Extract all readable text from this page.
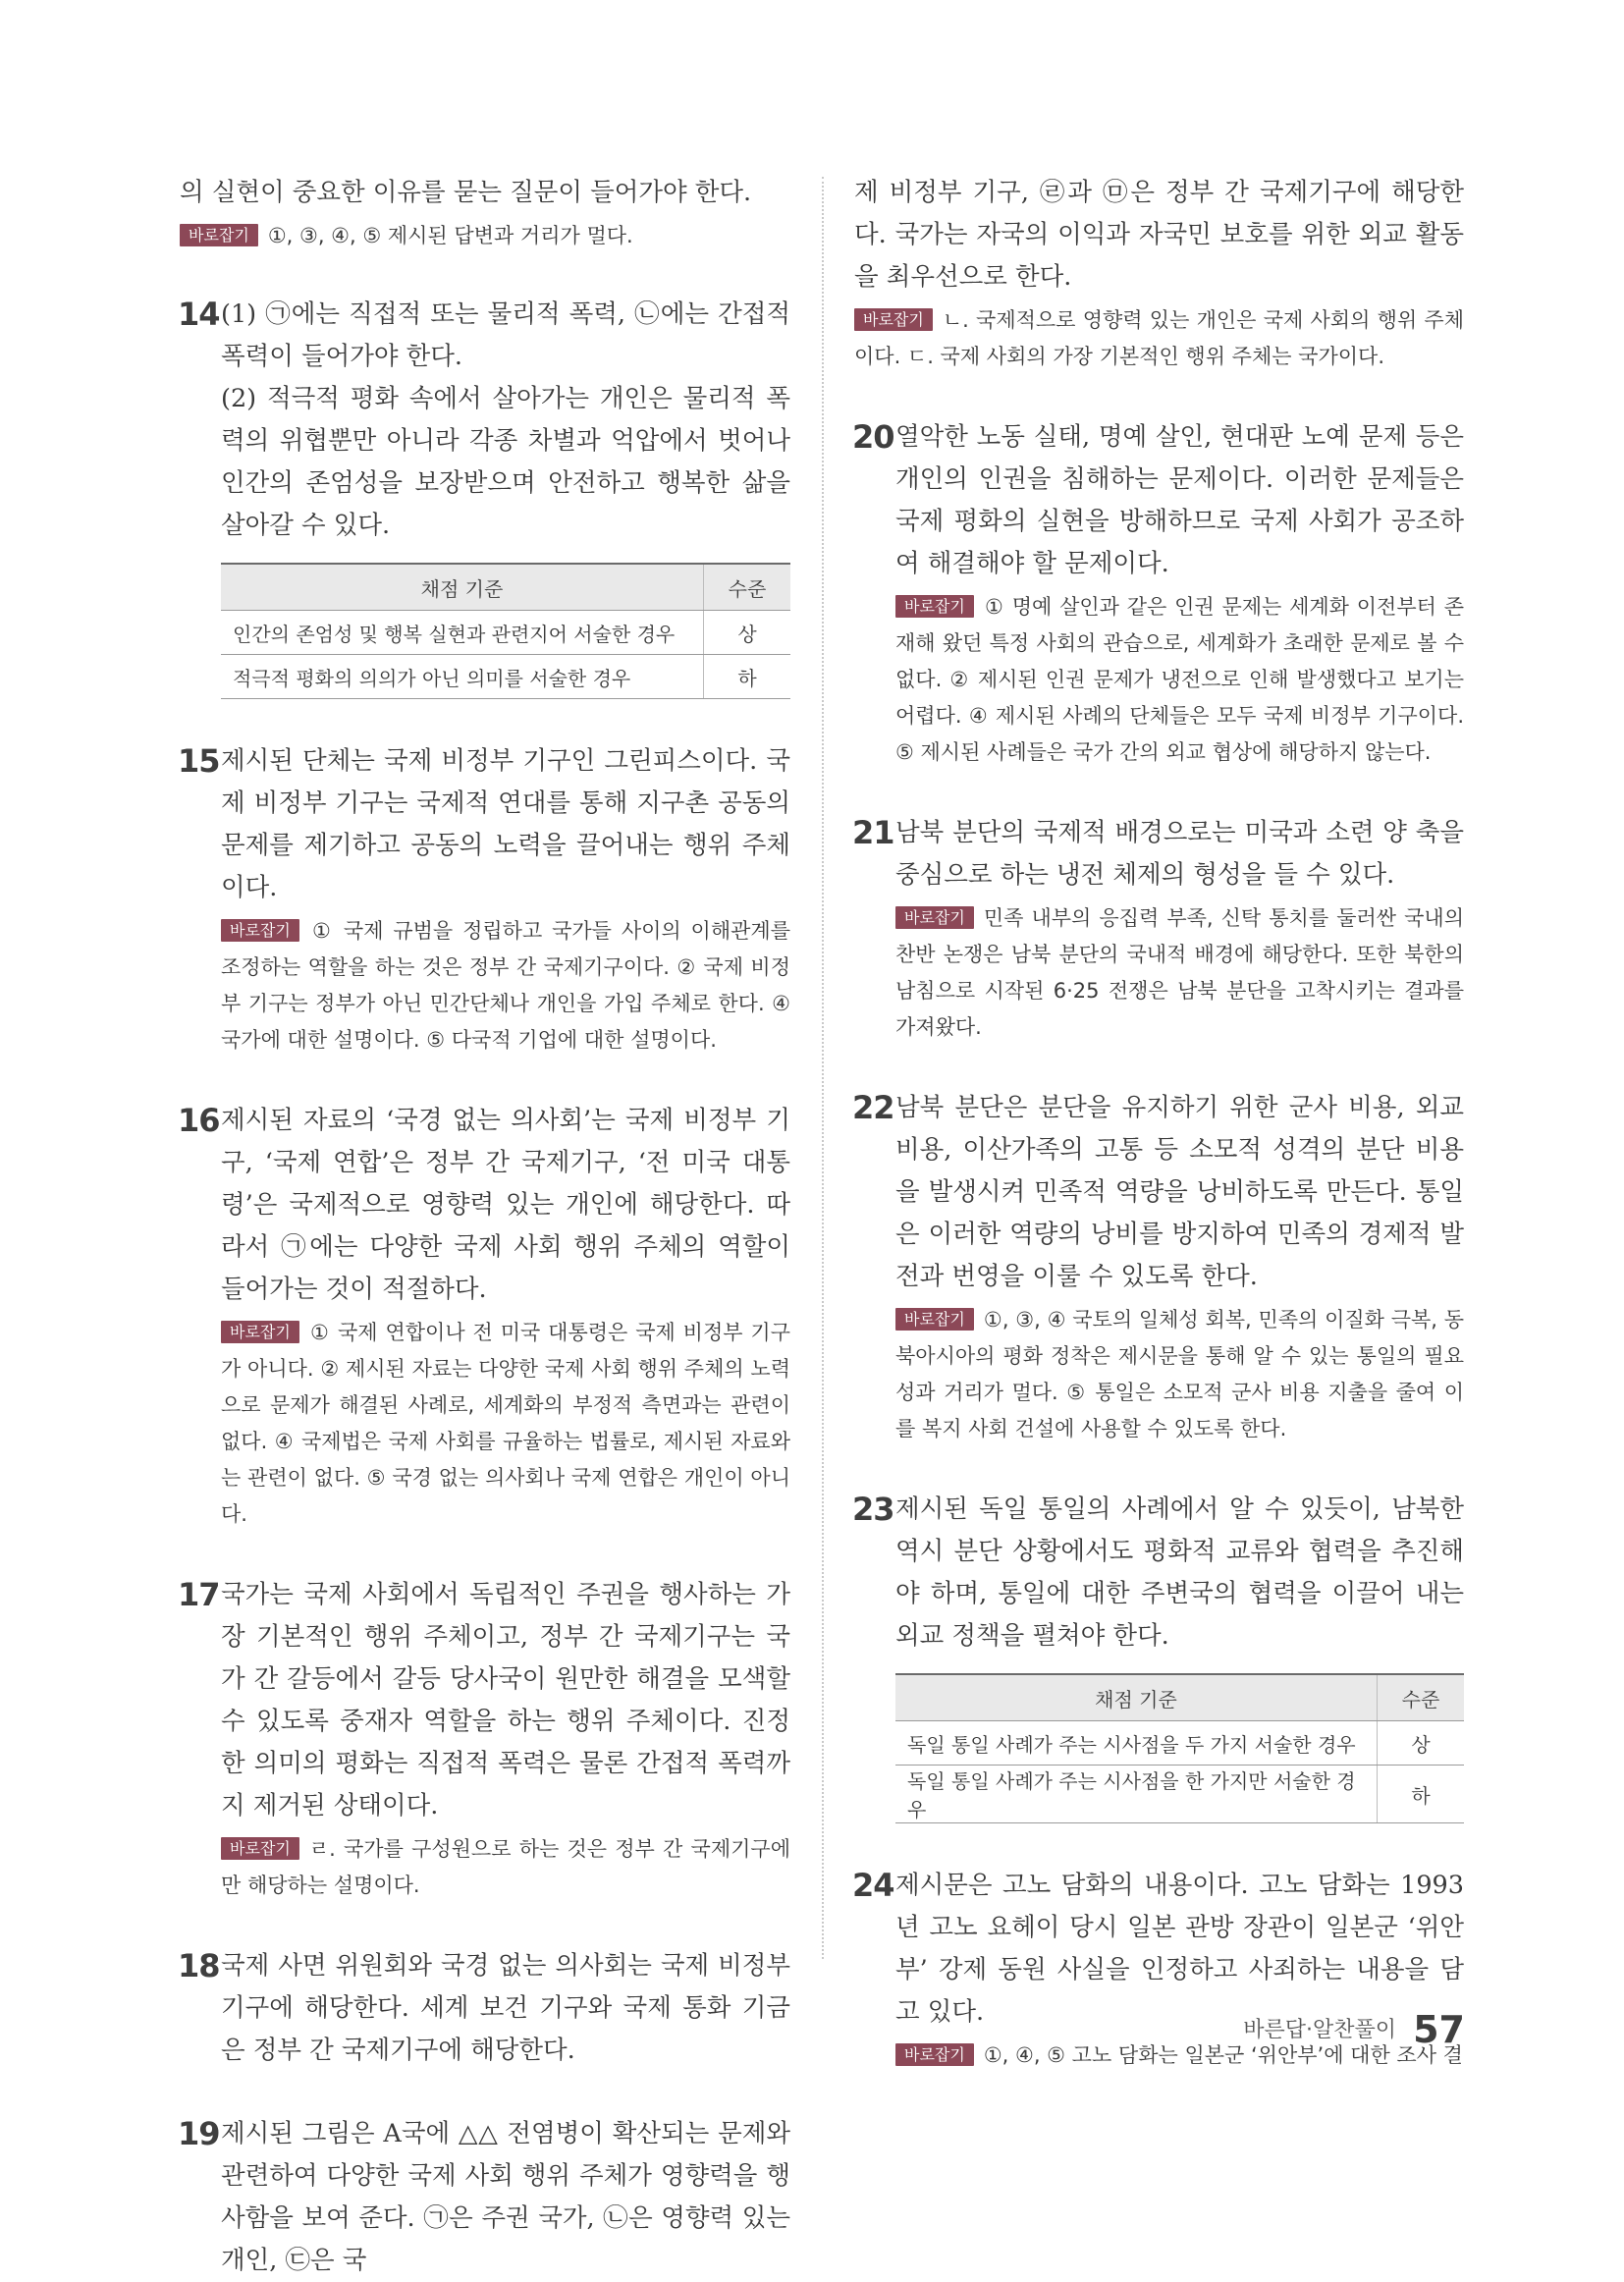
의 실현이 중요한 이유를 묻는 질문이 들어가야 한다.

바로잡기 ①, ③, ④, ⑤ 제시된 답변과 거리가 멀다.

14 (1) ㉠에는 직접적 또는 물리적 폭력, ㉡에는 간접적 폭력이 들어가야 한다.

(2) 적극적 평화 속에서 살아가는 개인은 물리적 폭력의 위협뿐만 아니라 각종 차별과 억압에서 벗어나 인간의 존엄성을 보장받으며 안전하고 행복한 삶을 살아갈 수 있다.

채점 기준	수준
인간의 존엄성 및 행복 실현과 관련지어 서술한 경우	상
적극적 평화의 의의가 아닌 의미를 서술한 경우	하
15 제시된 단체는 국제 비정부 기구인 그린피스이다. 국제 비정부 기구는 국제적 연대를 통해 지구촌 공동의 문제를 제기하고 공동의 노력을 끌어내는 행위 주체이다.

바로잡기 ① 국제 규범을 정립하고 국가들 사이의 이해관계를 조정하는 역할을 하는 것은 정부 간 국제기구이다. ② 국제 비정부 기구는 정부가 아닌 민간단체나 개인을 가입 주체로 한다. ④ 국가에 대한 설명이다. ⑤ 다국적 기업에 대한 설명이다.

16 제시된 자료의 ‘국경 없는 의사회’는 국제 비정부 기구, ‘국제 연합’은 정부 간 국제기구, ‘전 미국 대통령’은 국제적으로 영향력 있는 개인에 해당한다. 따라서 ㉠에는 다양한 국제 사회 행위 주체의 역할이 들어가는 것이 적절하다.

바로잡기 ① 국제 연합이나 전 미국 대통령은 국제 비정부 기구가 아니다. ② 제시된 자료는 다양한 국제 사회 행위 주체의 노력으로 문제가 해결된 사례로, 세계화의 부정적 측면과는 관련이 없다. ④ 국제법은 국제 사회를 규율하는 법률로, 제시된 자료와는 관련이 없다. ⑤ 국경 없는 의사회나 국제 연합은 개인이 아니다.

17 국가는 국제 사회에서 독립적인 주권을 행사하는 가장 기본적인 행위 주체이고, 정부 간 국제기구는 국가 간 갈등에서 갈등 당사국이 원만한 해결을 모색할 수 있도록 중재자 역할을 하는 행위 주체이다. 진정한 의미의 평화는 직접적 폭력은 물론 간접적 폭력까지 제거된 상태이다.

바로잡기 ㄹ. 국가를 구성원으로 하는 것은 정부 간 국제기구에만 해당하는 설명이다.

18 국제 사면 위원회와 국경 없는 의사회는 국제 비정부 기구에 해당한다. 세계 보건 기구와 국제 통화 기금은 정부 간 국제기구에 해당한다.

19 제시된 그림은 A국에 △△ 전염병이 확산되는 문제와 관련하여 다양한 국제 사회 행위 주체가 영향력을 행사함을 보여 준다. ㉠은 주권 국가, ㉡은 영향력 있는 개인, ㉢은 국

제 비정부 기구, ㉣과 ㉤은 정부 간 국제기구에 해당한다. 국가는 자국의 이익과 자국민 보호를 위한 외교 활동을 최우선으로 한다.

바로잡기 ㄴ. 국제적으로 영향력 있는 개인은 국제 사회의 행위 주체이다. ㄷ. 국제 사회의 가장 기본적인 행위 주체는 국가이다.

20 열악한 노동 실태, 명예 살인, 현대판 노예 문제 등은 개인의 인권을 침해하는 문제이다. 이러한 문제들은 국제 평화의 실현을 방해하므로 국제 사회가 공조하여 해결해야 할 문제이다.

바로잡기 ① 명예 살인과 같은 인권 문제는 세계화 이전부터 존재해 왔던 특정 사회의 관습으로, 세계화가 초래한 문제로 볼 수 없다. ② 제시된 인권 문제가 냉전으로 인해 발생했다고 보기는 어렵다. ④ 제시된 사례의 단체들은 모두 국제 비정부 기구이다. ⑤ 제시된 사례들은 국가 간의 외교 협상에 해당하지 않는다.

21 남북 분단의 국제적 배경으로는 미국과 소련 양 축을 중심으로 하는 냉전 체제의 형성을 들 수 있다.

바로잡기 민족 내부의 응집력 부족, 신탁 통치를 둘러싼 국내의 찬반 논쟁은 남북 분단의 국내적 배경에 해당한다. 또한 북한의 남침으로 시작된 6·25 전쟁은 남북 분단을 고착시키는 결과를 가져왔다.

22 남북 분단은 분단을 유지하기 위한 군사 비용, 외교 비용, 이산가족의 고통 등 소모적 성격의 분단 비용을 발생시켜 민족적 역량을 낭비하도록 만든다. 통일은 이러한 역량의 낭비를 방지하여 민족의 경제적 발전과 번영을 이룰 수 있도록 한다.

바로잡기 ①, ③, ④ 국토의 일체성 회복, 민족의 이질화 극복, 동북아시아의 평화 정착은 제시문을 통해 알 수 있는 통일의 필요성과 거리가 멀다. ⑤ 통일은 소모적 군사 비용 지출을 줄여 이를 복지 사회 건설에 사용할 수 있도록 한다.

23 제시된 독일 통일의 사례에서 알 수 있듯이, 남북한 역시 분단 상황에서도 평화적 교류와 협력을 추진해야 하며, 통일에 대한 주변국의 협력을 이끌어 내는 외교 정책을 펼쳐야 한다.

채점 기준	수준
독일 통일 사례가 주는 시사점을 두 가지 서술한 경우	상
독일 통일 사례가 주는 시사점을 한 가지만 서술한 경우	하
24 제시문은 고노 담화의 내용이다. 고노 담화는 1993년 고노 요헤이 당시 일본 관방 장관이 일본군 ‘위안부’ 강제 동원 사실을 인정하고 사죄하는 내용을 담고 있다.

바로잡기 ①, ④, ⑤ 고노 담화는 일본군 ‘위안부’에 대한 조사 결

바른답·알찬풀이 57
